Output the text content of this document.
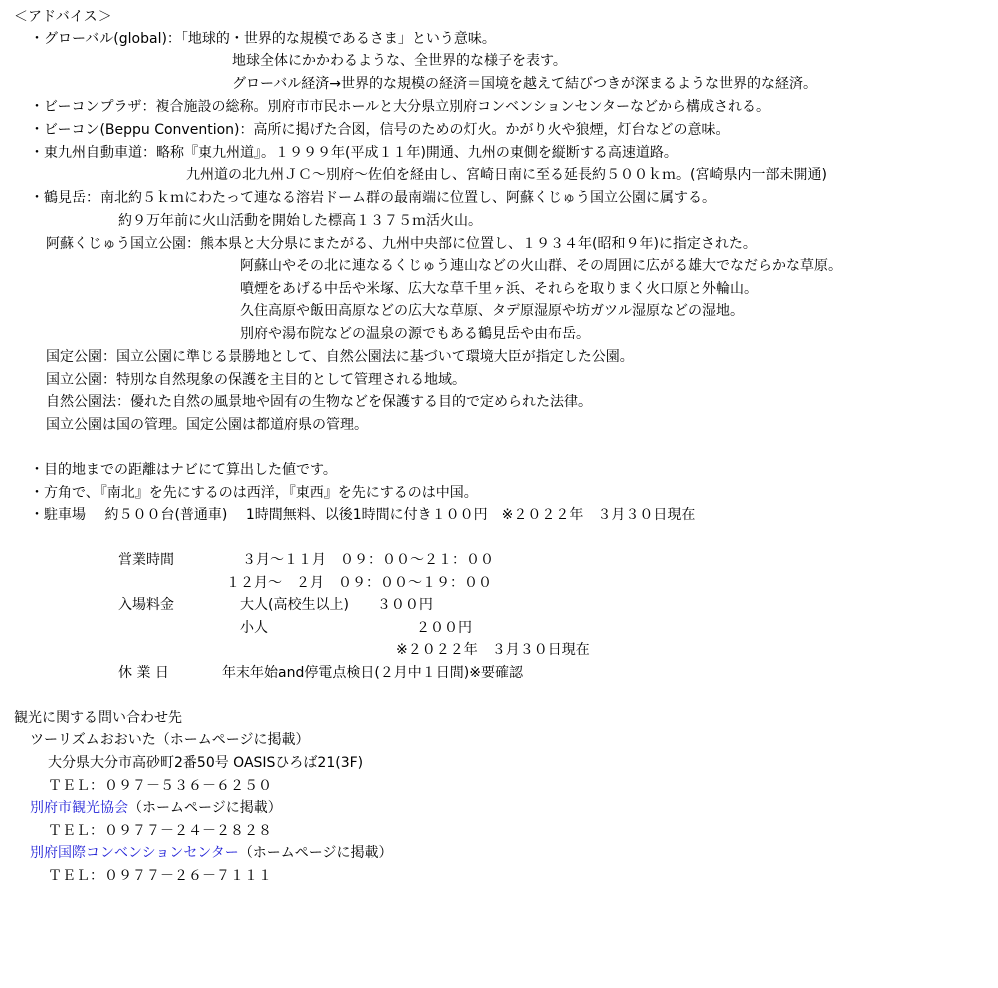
＜アドバイス＞
・グローバル(global)：「地球的・世界的な規模であるさま」という意味。
地球全体にかかわるような、全世界的な様子を表す。
グローバル経済→世界的な規模の経済＝国境を越えて結びつきが深まるような世界的な経済。
・ビーコンプラザ：複合施設の総称。別府市市民ホールと大分県立別府コンベンションセンターなどから構成される。
・ビーコン(Beppu Convention)：高所に掲げた合図，信号のための灯火。かがり火や狼煙，灯台などの意味。
・東九州自動車道：略称『東九州道』。１９９９年(平成１１年)開通、九州の東側を縦断する高速道路。
九州道の北九州ＪＣ～別府～佐伯を経由し、宮崎日南に至る延長約５００ｋｍ。(宮崎県内一部未開通)
・鶴見岳：南北約５ｋｍにわたって連なる溶岩ドーム群の最南端に位置し、阿蘇くじゅう国立公園に属する。
約９万年前に火山活動を開始した標高１３７５ｍ活火山。
阿蘇くじゅう国立公園：熊本県と大分県にまたがる、九州中央部に位置し、１９３４年(昭和９年)に指定された。
阿蘇山やその北に連なるくじゅう連山などの火山群、その周囲に広がる雄大でなだらかな草原。
噴煙をあげる中岳や米塚、広大な草千里ヶ浜、それらを取りまく火口原と外輪山。
久住高原や飯田高原などの広大な草原、タデ原湿原や坊ガツル湿原などの湿地。
別府や湯布院などの温泉の源でもある鶴見岳や由布岳。
国定公園：国立公園に準じる景勝地として、自然公園法に基づいて環境大臣が指定した公園。
国立公園：特別な自然現象の保護を主目的として管理される地域。
自然公園法：優れた自然の風景地や固有の生物などを保護する目的で定められた法律。
国立公園は国の管理。国定公園は都道府県の管理。
・目的地までの距離はナビにて算出した値です。
・方角で、『南北』を先にするのは西洋，『東西』を先にするのは中国。
・駐車場　 約５００台(普通車)　 1時間無料、以後1時間に付き１００円　※２０２２年　３月３０日現在
営業時間	３月～１１月　０９：００～２１：００
１２月～　２月　０９：００～１９：００
入場料金	大人(高校生以上)　　３００円
小人	２００円
※２０２２年　３月３０日現在
休 業 日	年末年始and停電点検日(２月中１日間)※要確認
観光に関する問い合わせ先
ツーリズムおおいた（ホームページに掲載）
大分県大分市高砂町2番50号 OASISひろば21(3F)
ＴＥＬ：０９７－５３６－６２５０
別府市観光協会（ホームページに掲載）
ＴＥＬ：０９７７－２４－２８２８
別府国際コンベンションセンター（ホームページに掲載）
ＴＥＬ：０９７７－２６－７１１１
